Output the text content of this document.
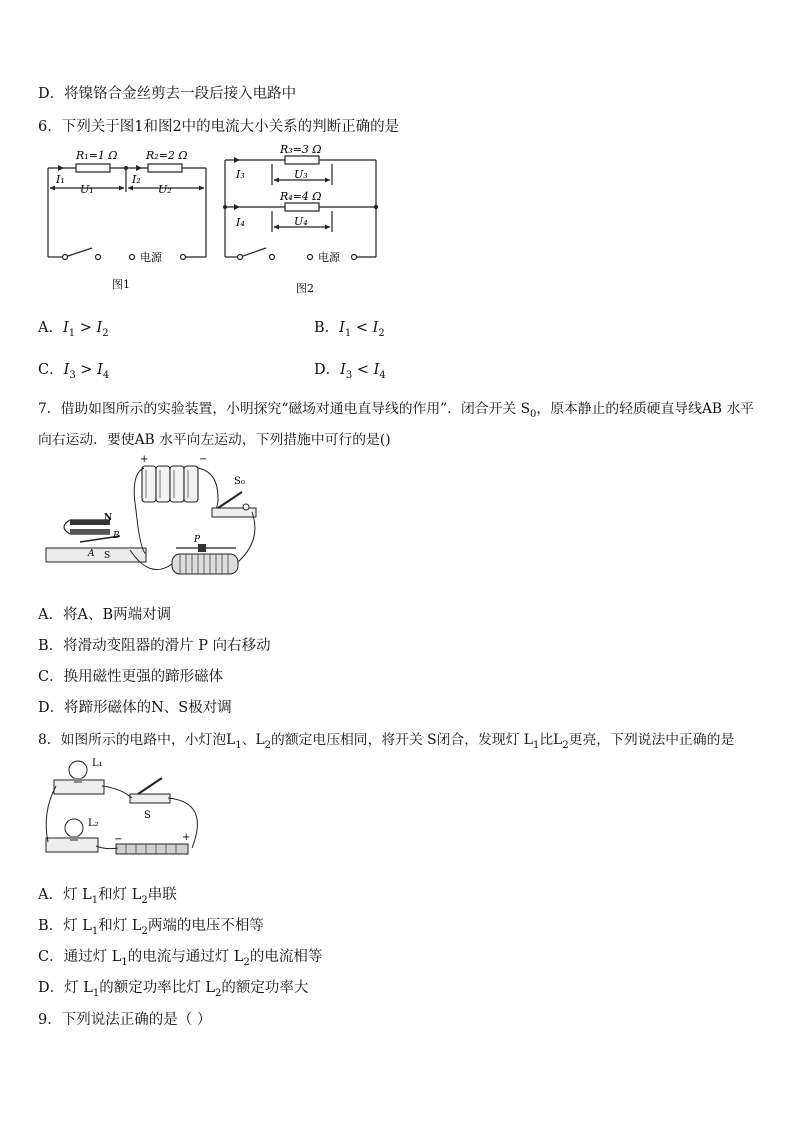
D．将镍铬合金丝剪去一段后接入电路中
6．下列关于图1和图2中的电流大小关系的判断正确的是
R₁=1 Ω	R₂=2 Ω
I₁	I₂
U₁	U₂
电源
图1
R₃=3 Ω
R₄=4 Ω
I₃
I₄
U₃
U₄
电源
图2
A．$I_1 > I_2$	B．$I_1 < I_2$
C．$I_3 > I_4$	D．$I_3 < I_4$
7．借助如图所示的实验装置，小明探究“磁场对通电直导线的作用”．闭合开关 $S_0$，原本静止的轻质硬直导线AB 水平
向右运动．要使AB 水平向左运动，下列措施中可行的是()
+	−
S₀
N
S
B
A
P
A．将A、B两端对调
B．将滑动变阻器的滑片 P 向右移动
C．换用磁性更强的蹄形磁体
D．将蹄形磁体的N、S极对调
8．如图所示的电路中，小灯泡$L_1$、$L_2$的额定电压相同，将开关 S闭合，发现灯 $L_1$比$L_2$更亮，下列说法中正确的是
L₁
L₂
S
−	+
A．灯 $L_1$和灯 $L_2$串联
B．灯 $L_1$和灯 $L_2$两端的电压不相等
C．通过灯 $L_1$的电流与通过灯 $L_2$的电流相等
D．灯 $L_1$的额定功率比灯 $L_2$的额定功率大
9．下列说法正确的是（ ）
